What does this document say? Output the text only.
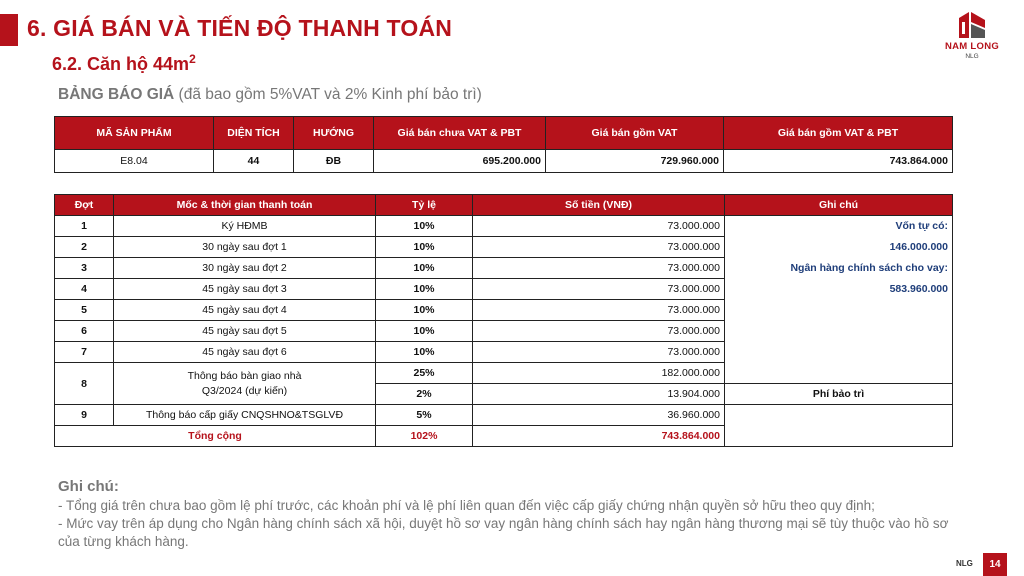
6. GIÁ BÁN VÀ TIẾN ĐỘ THANH TOÁN
6.2. Căn hộ $44m^2$
BẢNG BÁO GIÁ (đã bao gồm 5%VAT và 2% Kinh phí bảo trì)
NAM LONG
NLG
MÃ SẢN PHẨM	DIỆN TÍCH	HƯỚNG	Giá bán chưa VAT & PBT	Giá bán gồm VAT	Giá bán gồm VAT & PBT
E8.04	44	ĐB	695.200.000	729.960.000	743.864.000
Đợt	Mốc & thời gian thanh toán	Tỷ lệ	Số tiền (VNĐ)	Ghi chú
1	Ký HĐMB	10%	73.000.000	Vốn tự có:
2	30 ngày sau đợt 1	10%	73.000.000	146.000.000
3	30 ngày sau đợt 2	10%	73.000.000	Ngân hàng chính sách cho vay:
4	45 ngày sau đợt 3	10%	73.000.000	583.960.000
5	45 ngày sau đợt 4	10%	73.000.000	
6	45 ngày sau đợt 5	10%	73.000.000	
7	45 ngày sau đợt 6	10%	73.000.000	
8	Thông báo bàn giao nhà
Q3/2024 (dự kiến)	25%	182.000.000	
		2%	13.904.000	Phí bảo trì
9	Thông báo cấp giấy CNQSHNO&TSGLVĐ	5%	36.960.000	
Tổng cộng		102%	743.864.000	
Ghi chú:
- Tổng giá trên chưa bao gồm lệ phí trước, các khoản phí và lệ phí liên quan đến việc cấp giấy chứng nhận quyền sở hữu theo quy định;
- Mức vay trên áp dụng cho Ngân hàng chính sách xã hội, duyệt hồ sơ vay ngân hàng chính sách hay ngân hàng thương mại sẽ tùy thuộc vào hồ sơ của từng khách hàng.
NLG	14
